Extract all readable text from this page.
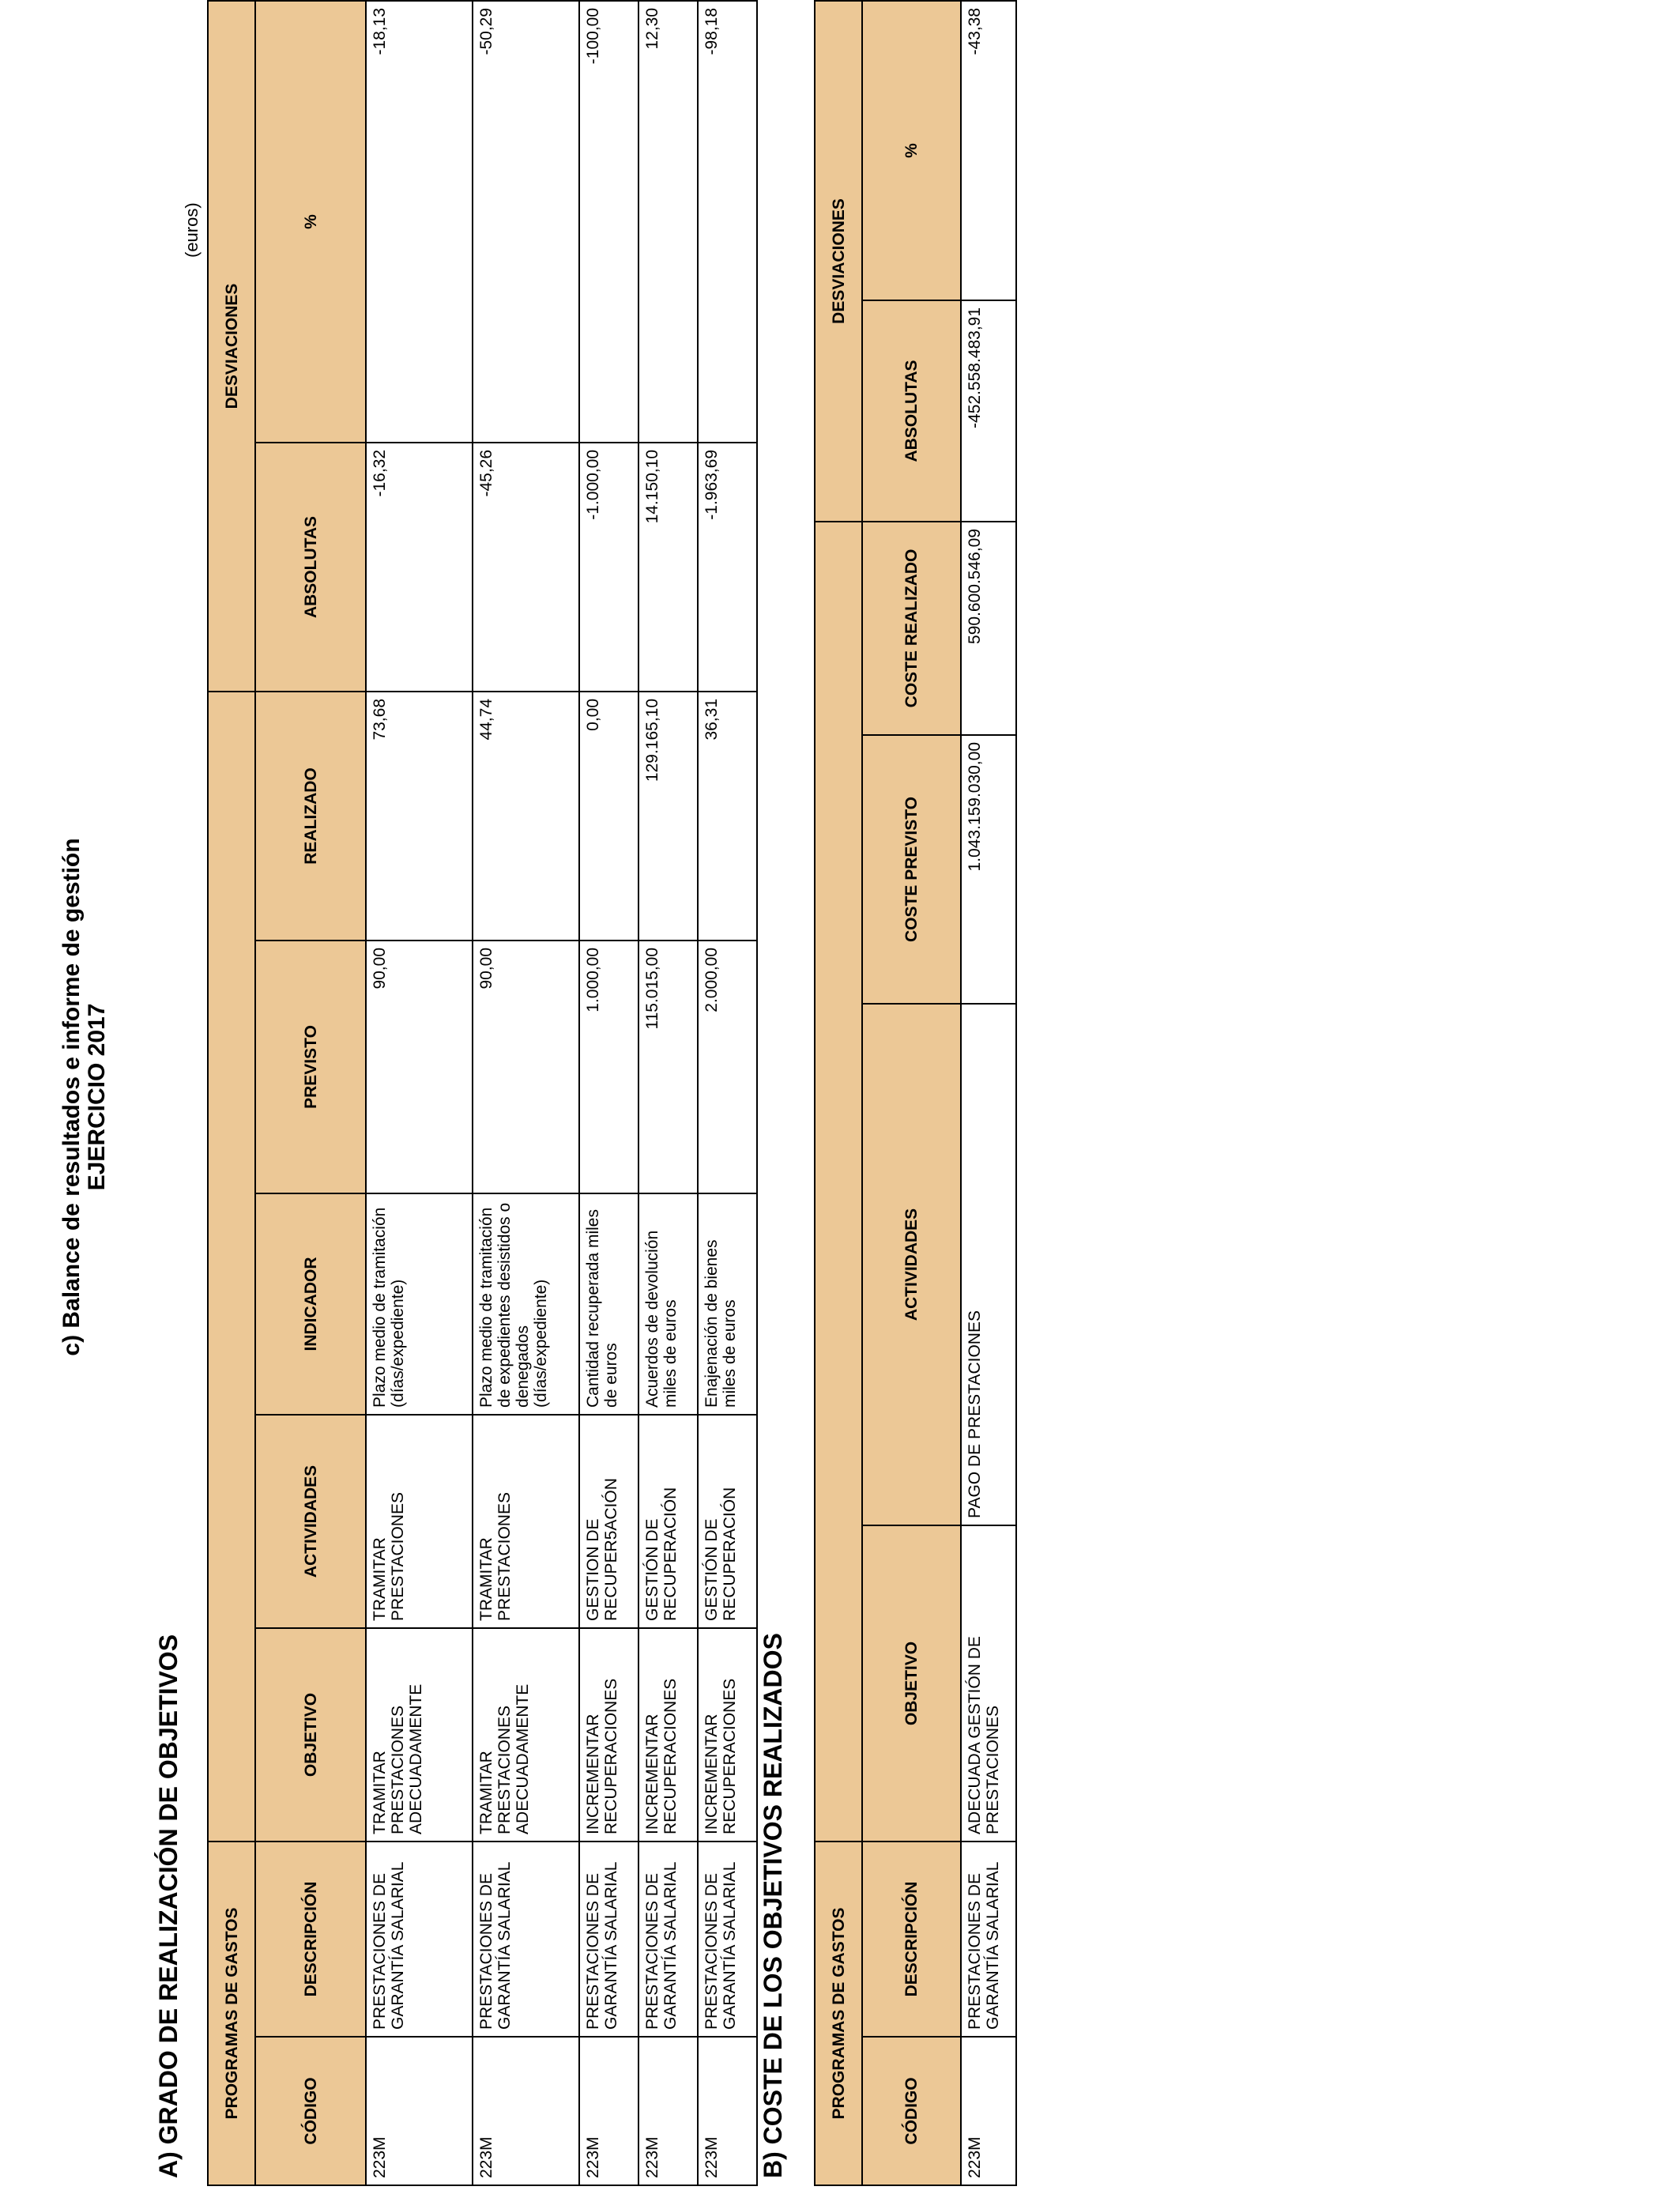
c) Balance de resultados e informe de gestión EJERCICIO 2017
(euros)
A) GRADO DE REALIZACIÓN DE OBJETIVOS PROGRAMAS DE GASTOS							DESVIACIONES	
CÓDIGO	DESCRIPCIÓN	OBJETIVO	ACTIVIDADES	INDICADOR	PREVISTO	REALIZADO	ABSOLUTAS	%
223M	PRESTACIONES DE GARANTÍA SALARIAL	TRAMITAR PRESTACIONES ADECUADAMENTE	TRAMITAR PRESTACIONES	Plazo medio de tramitación (días/expediente)	90,00	73,68	-16,32	-18,13
223M	PRESTACIONES DE GARANTÍA SALARIAL	TRAMITAR PRESTACIONES ADECUADAMENTE	TRAMITAR PRESTACIONES	Plazo medio de tramitación de expedientes desistidos o denegados (días/expediente)	90,00	44,74	-45,26	-50,29
223M	PRESTACIONES DE GARANTÍA SALARIAL	INCREMENTAR RECUPERACIONES	GESTION DE RECUPER5ACIÓN	Cantidad recuperada miles de euros	1.000,00	0,00	-1.000,00	-100,00
223M	PRESTACIONES DE GARANTÍA SALARIAL	INCREMENTAR RECUPERACIONES	GESTIÓN DE RECUPERACIÓN	Acuerdos de devolución miles de euros	115.015,00	129.165,10	14.150,10	12,30
223M	PRESTACIONES DE GARANTÍA SALARIAL	INCREMENTAR RECUPERACIONES	GESTIÓN DE RECUPERACIÓN	Enajenación de bienes miles de euros	2.000,00	36,31	-1.963,69	-98,18
B) COSTE DE LOS OBJETIVOS REALIZADOS	PROGRAMAS DE GASTOS						DESVIACIONES	
CÓDIGO	DESCRIPCIÓN	OBJETIVO	ACTIVIDADES	COSTE PREVISTO	COSTE REALIZADO	ABSOLUTAS	%
223M	PRESTACIONES DE GARANTÍA SALARIAL	ADECUADA GESTIÓN DE PRESTACIONES	PAGO DE PRESTACIONES	1.043.159.030,00	590.600.546,09	-452.558.483,91	-43,38
